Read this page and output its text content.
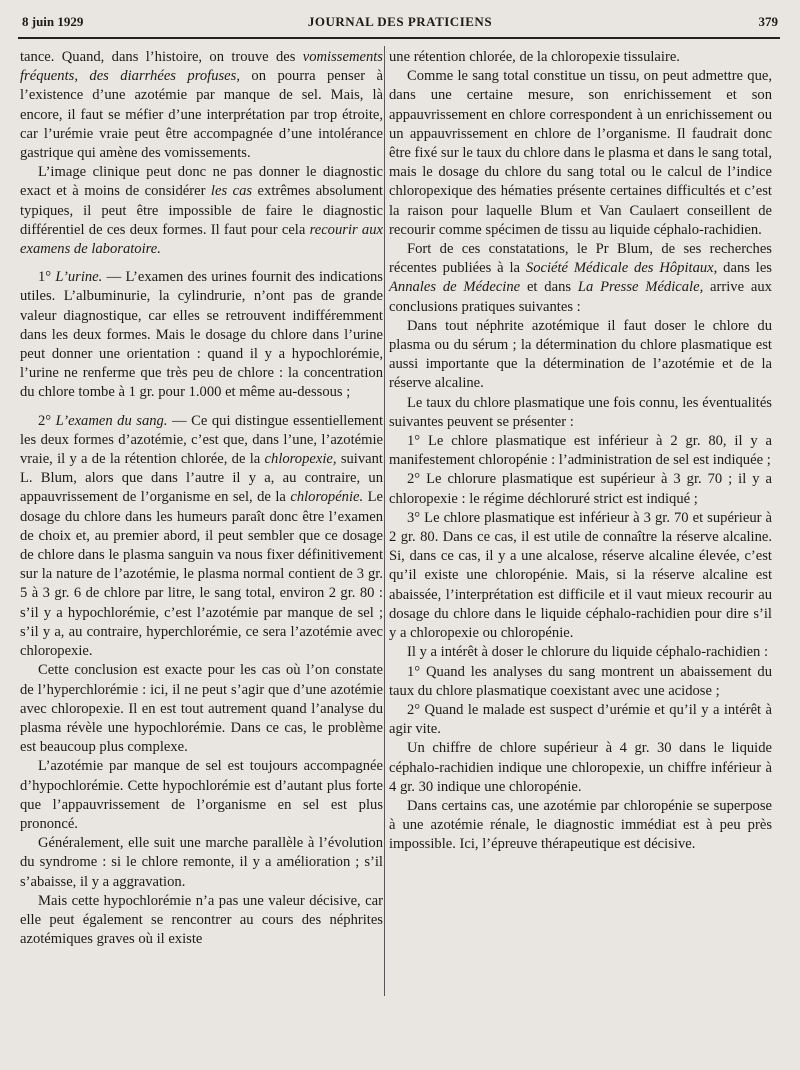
8 juin 1929	JOURNAL DES PRATICIENS	379

tance. Quand, dans l’histoire, on trouve des vomissements fréquents, des diarrhées profuses, on pourra penser à l’existence d’une azotémie par manque de sel. Mais, là encore, il faut se méfier d’une interprétation par trop étroite, car l’urémie vraie peut être accompagnée d’une intolérance gastrique qui amène des vomissements.

L’image clinique peut donc ne pas donner le diagnostic exact et à moins de considérer les cas extrêmes absolument typiques, il peut être impossible de faire le diagnostic différentiel de ces deux formes. Il faut pour cela recourir aux examens de laboratoire.

1° L’urine. — L’examen des urines fournit des indications utiles. L’albuminurie, la cylindrurie, n’ont pas de grande valeur diagnostique, car elles se retrouvent indifféremment dans les deux formes. Mais le dosage du chlore dans l’urine peut donner une orientation : quand il y a hypochlorémie, l’urine ne renferme que très peu de chlore : la concentration du chlore tombe à 1 gr. pour 1.000 et même au-dessous ;

2° L’examen du sang. — Ce qui distingue essentiellement les deux formes d’azotémie, c’est que, dans l’une, l’azotémie vraie, il y a de la rétention chlorée, de la chloropexie, suivant L. Blum, alors que dans l’autre il y a, au contraire, un appauvrissement de l’organisme en sel, de la chloropénie. Le dosage du chlore dans les humeurs paraît donc être l’examen de choix et, au premier abord, il peut sembler que ce dosage de chlore dans le plasma sanguin va nous fixer définitivement sur la nature de l’azotémie, le plasma normal contient de 3 gr. 5 à 3 gr. 6 de chlore par litre, le sang total, environ 2 gr. 80 : s’il y a hypochlorémie, c’est l’azotémie par manque de sel ; s’il y a, au contraire, hyperchlorémie, ce sera l’azotémie avec chloropexie.

Cette conclusion est exacte pour les cas où l’on constate de l’hyperchlorémie : ici, il ne peut s’agir que d’une azotémie avec chloropexie. Il en est tout autrement quand l’analyse du plasma révèle une hypochlorémie. Dans ce cas, le problème est beaucoup plus complexe.

L’azotémie par manque de sel est toujours accompagnée d’hypochlorémie. Cette hypochlorémie est d’autant plus forte que l’appauvrissement de l’organisme en sel est plus prononcé.

Généralement, elle suit une marche parallèle à l’évolution du syndrome : si le chlore remonte, il y a amélioration ; s’il s’abaisse, il y a aggravation.

Mais cette hypochlorémie n’a pas une valeur décisive, car elle peut également se rencontrer au cours des néphrites azotémiques graves où il existe

une rétention chlorée, de la chloropexie tissulaire.

Comme le sang total constitue un tissu, on peut admettre que, dans une certaine mesure, son enrichissement et son appauvrissement en chlore correspondent à un enrichissement ou un appauvrissement en chlore de l’organisme. Il faudrait donc être fixé sur le taux du chlore dans le plasma et dans le sang total, mais le dosage du chlore du sang total ou le calcul de l’indice chloropexique des hématies présente certaines difficultés et c’est la raison pour laquelle Blum et Van Caulaert conseillent de recourir comme spécimen de tissu au liquide céphalo-rachidien.

Fort de ces constatations, le Pr Blum, de ses recherches récentes publiées à la Société Médicale des Hôpitaux, dans les Annales de Médecine et dans La Presse Médicale, arrive aux conclusions pratiques suivantes :

Dans tout néphrite azotémique il faut doser le chlore du plasma ou du sérum ; la détermination du chlore plasmatique est aussi importante que la détermination de l’azotémie et de la réserve alcaline.

Le taux du chlore plasmatique une fois connu, les éventualités suivantes peuvent se présenter :

1° Le chlore plasmatique est inférieur à 2 gr. 80, il y a manifestement chloropénie : l’administration de sel est indiquée ;

2° Le chlorure plasmatique est supérieur à 3 gr. 70 ; il y a chloropexie : le régime déchloruré strict est indiqué ;

3° Le chlore plasmatique est inférieur à 3 gr. 70 et supérieur à 2 gr. 80. Dans ce cas, il est utile de connaître la réserve alcaline. Si, dans ce cas, il y a une alcalose, réserve alcaline élevée, c’est qu’il existe une chloropénie. Mais, si la réserve alcaline est abaissée, l’interprétation est difficile et il vaut mieux recourir au dosage du chlore dans le liquide céphalo-rachidien pour dire s’il y a chloropexie ou chloropénie.

Il y a intérêt à doser le chlorure du liquide céphalo-rachidien :

1° Quand les analyses du sang montrent un abaissement du taux du chlore plasmatique coexistant avec une acidose ;

2° Quand le malade est suspect d’urémie et qu’il y a intérêt à agir vite.

Un chiffre de chlore supérieur à 4 gr. 30 dans le liquide céphalo-rachidien indique une chloropexie, un chiffre inférieur à 4 gr. 30 indique une chloropénie.

Dans certains cas, une azotémie par chloropénie se superpose à une azotémie rénale, le diagnostic immédiat est à peu près impossible. Ici, l’épreuve thérapeutique est décisive.
